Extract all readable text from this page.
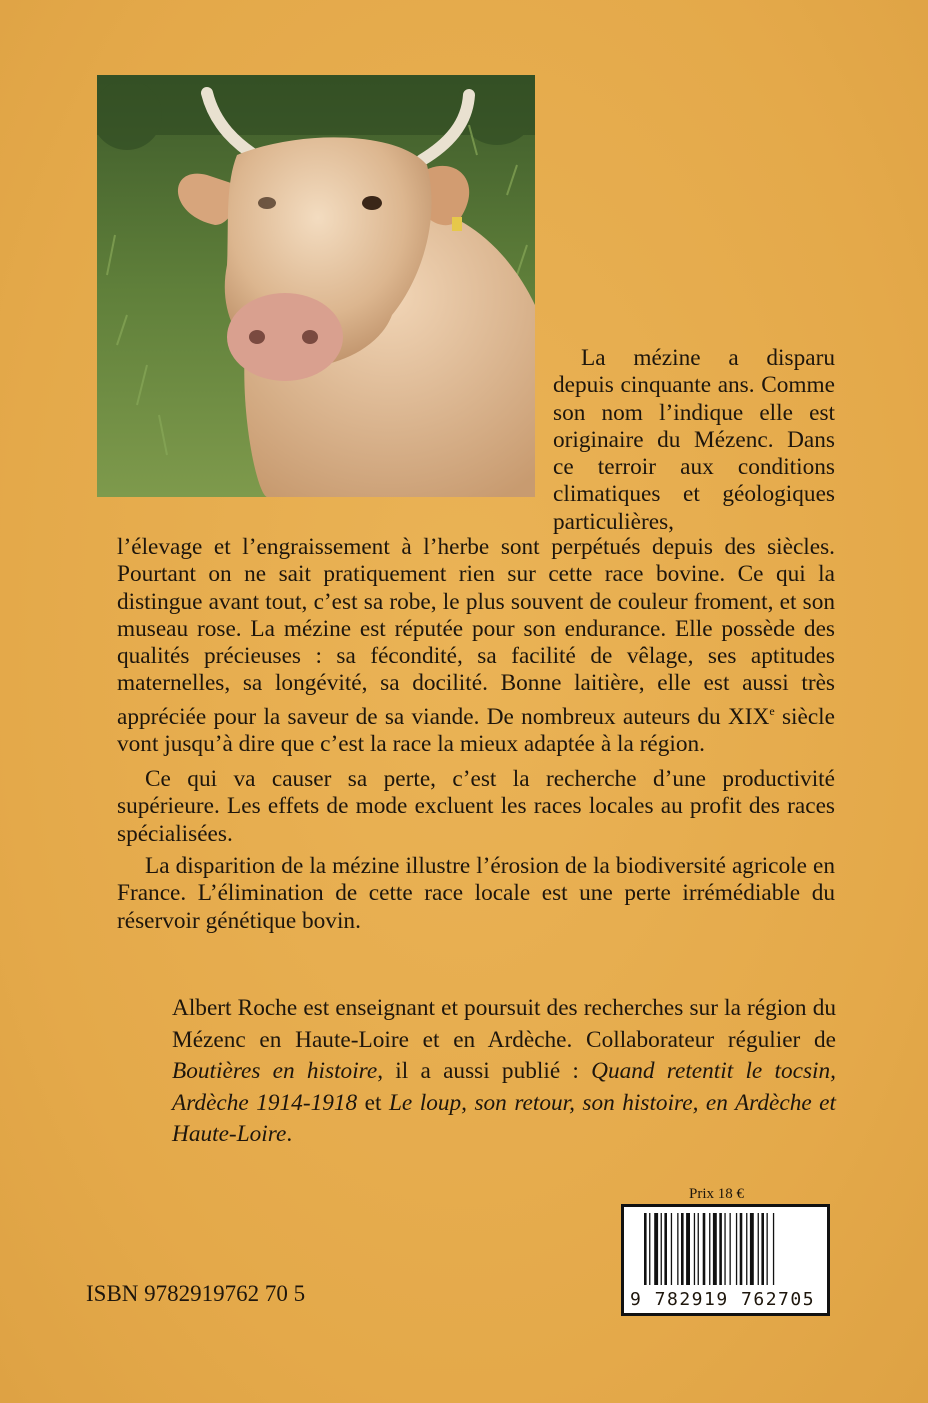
La mézine a disparu depuis cinquante ans. Comme son nom l’indique elle est originaire du Mézenc. Dans ce terroir aux conditions climatiques et géologiques particulières,

l’élevage et l’engraissement à l’herbe sont perpétués depuis des siècles. Pourtant on ne sait pratiquement rien sur cette race bovine. Ce qui la distingue avant tout, c’est sa robe, le plus souvent de couleur froment, et son museau rose. La mézine est réputée pour son endurance. Elle possède des qualités précieuses : sa fécondité, sa facilité de vêlage, ses aptitudes maternelles, sa longévité, sa docilité. Bonne laitière, elle est aussi très appréciée pour la saveur de sa viande. De nombreux auteurs du XIXe siècle vont jusqu’à dire que c’est la race la mieux adaptée à la région.

Ce qui va causer sa perte, c’est la recherche d’une productivité supérieure. Les effets de mode excluent les races locales au profit des races spécialisées.

La disparition de la mézine illustre l’érosion de la biodiversité agricole en France. L’élimination de cette race locale est une perte irrémédiable du réservoir génétique bovin.

Albert Roche est enseignant et poursuit des recherches sur la région du Mézenc en Haute-Loire et en Ardèche. Collaborateur régulier de Boutières en histoire, il a aussi publié : Quand retentit le tocsin, Ardèche 1914-1918 et Le loup, son retour, son histoire, en Ardèche et Haute-Loire.

Prix 18 €
9 782919 762705
ISBN 9782919762 70 5
